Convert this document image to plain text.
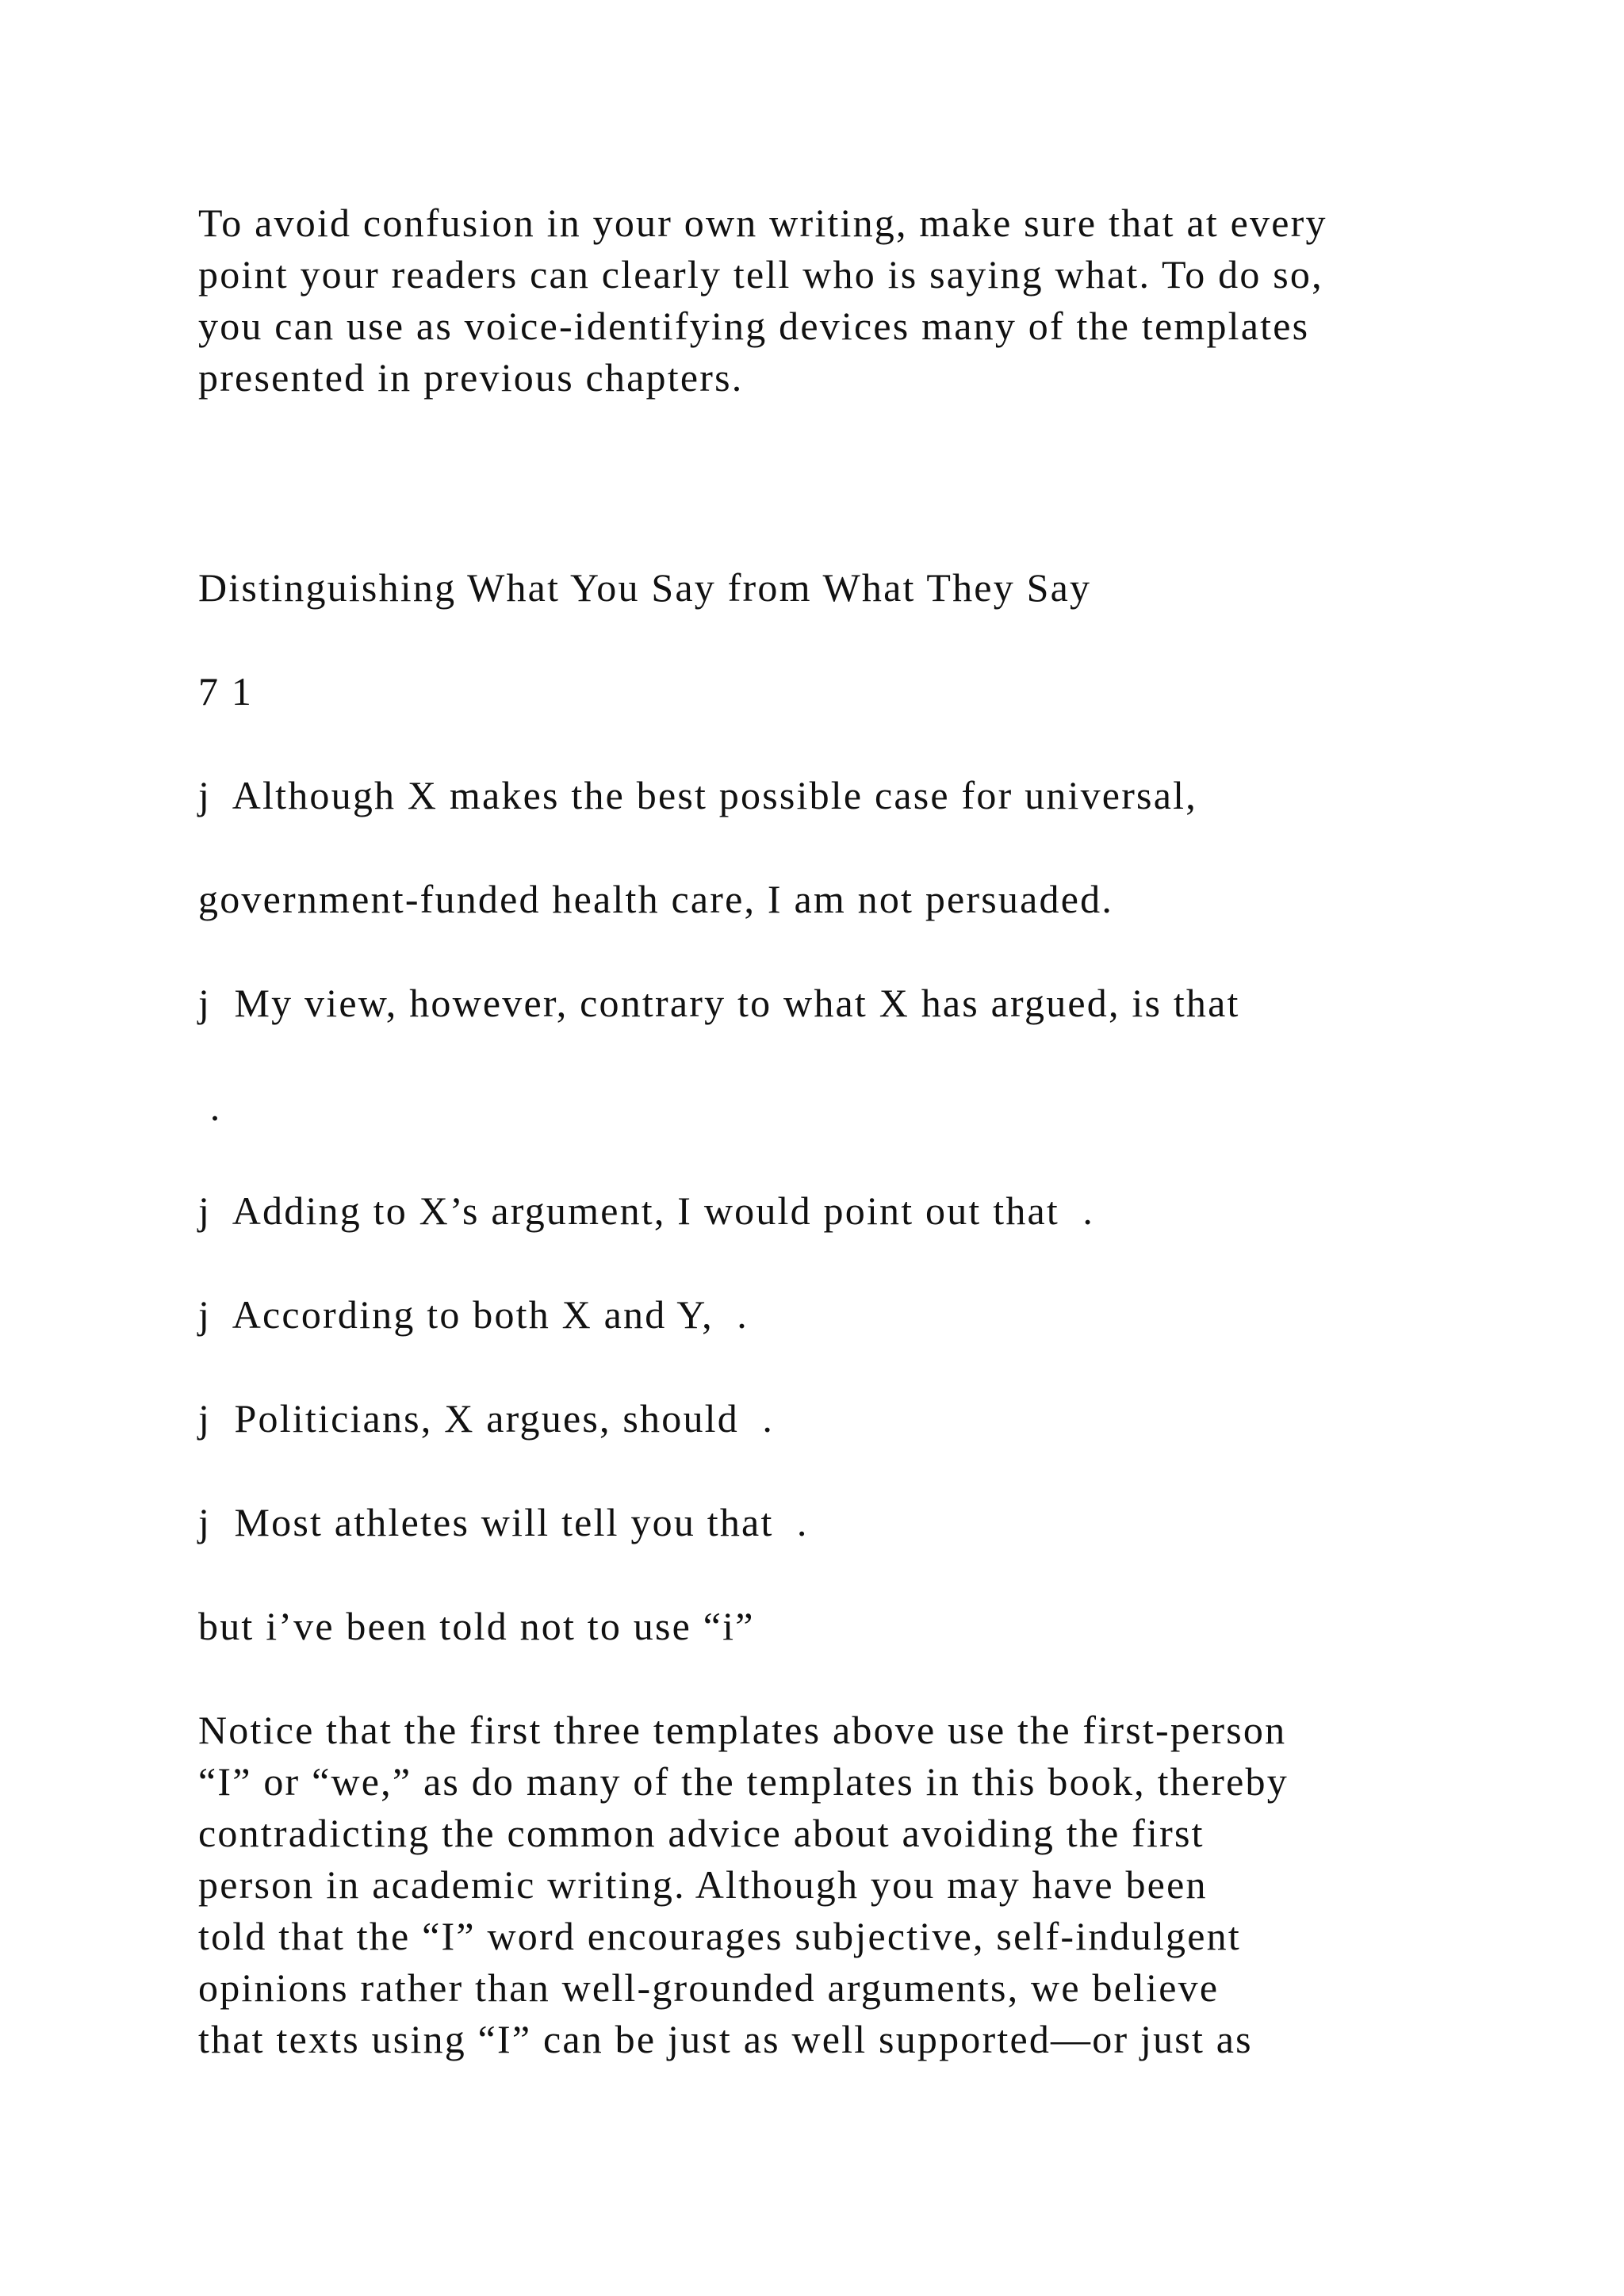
To avoid confusion in your own writing, make sure that at every

point your readers can clearly tell who is saying what. To do so,

you can use as voice-identifying devices many of the templates

presented in previous chapters.

Distinguishing What You Say from What They Say

7 1

j  Although X makes the best possible case for universal,

government-funded health care, I am not persuaded.

j  My view, however, contrary to what X has argued, is that

.

j  Adding to X’s argument, I would point out that  .

j  According to both X and Y,  .

j  Politicians, X argues, should  .

j  Most athletes will tell you that  .

but i’ve been told not to use “i”

Notice that the first three templates above use the first-person

“I” or “we,” as do many of the templates in this book, thereby

contradicting the common advice about avoiding the first

person in academic writing. Although you may have been

told that the “I” word encourages subjective, self-indulgent

opinions rather than well-grounded arguments, we believe

that texts using “I” can be just as well supported—or just as
